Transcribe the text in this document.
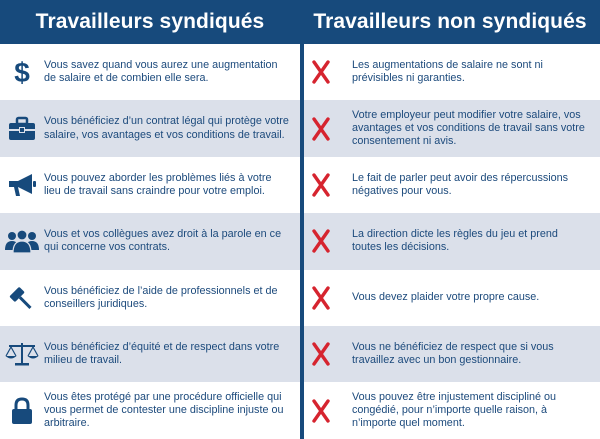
Travailleurs syndiqués	Travailleurs non syndiqués
$ Vous savez quand vous aurez une augmentation de salaire et de combien elle sera.
Les augmentations de salaire ne sont ni prévisibles ni garanties.
Vous bénéficiez d’un contrat légal qui protège votre salaire, vos avantages et vos conditions de travail.
Votre employeur peut modifier votre salaire, vos avantages et vos conditions de travail sans votre consentement ni avis.
Vous pouvez aborder les problèmes liés à votre lieu de travail sans craindre pour votre emploi.
Le fait de parler peut avoir des répercussions négatives pour vous.
Vous et vos collègues avez droit à la parole en ce qui concerne vos contrats.
La direction dicte les règles du jeu et prend toutes les décisions.
Vous bénéficiez de l’aide de professionnels et de conseillers juridiques.
Vous devez plaider votre propre cause.
Vous bénéficiez d’équité et de respect dans votre milieu de travail.
Vous ne bénéficiez de respect que si vous travaillez avec un bon gestionnaire.
Vous êtes protégé par une procédure officielle qui vous permet de contester une discipline injuste ou arbitraire.
Vous pouvez être injustement discipliné ou congédié, pour n’importe quelle raison, à n’importe quel moment.
